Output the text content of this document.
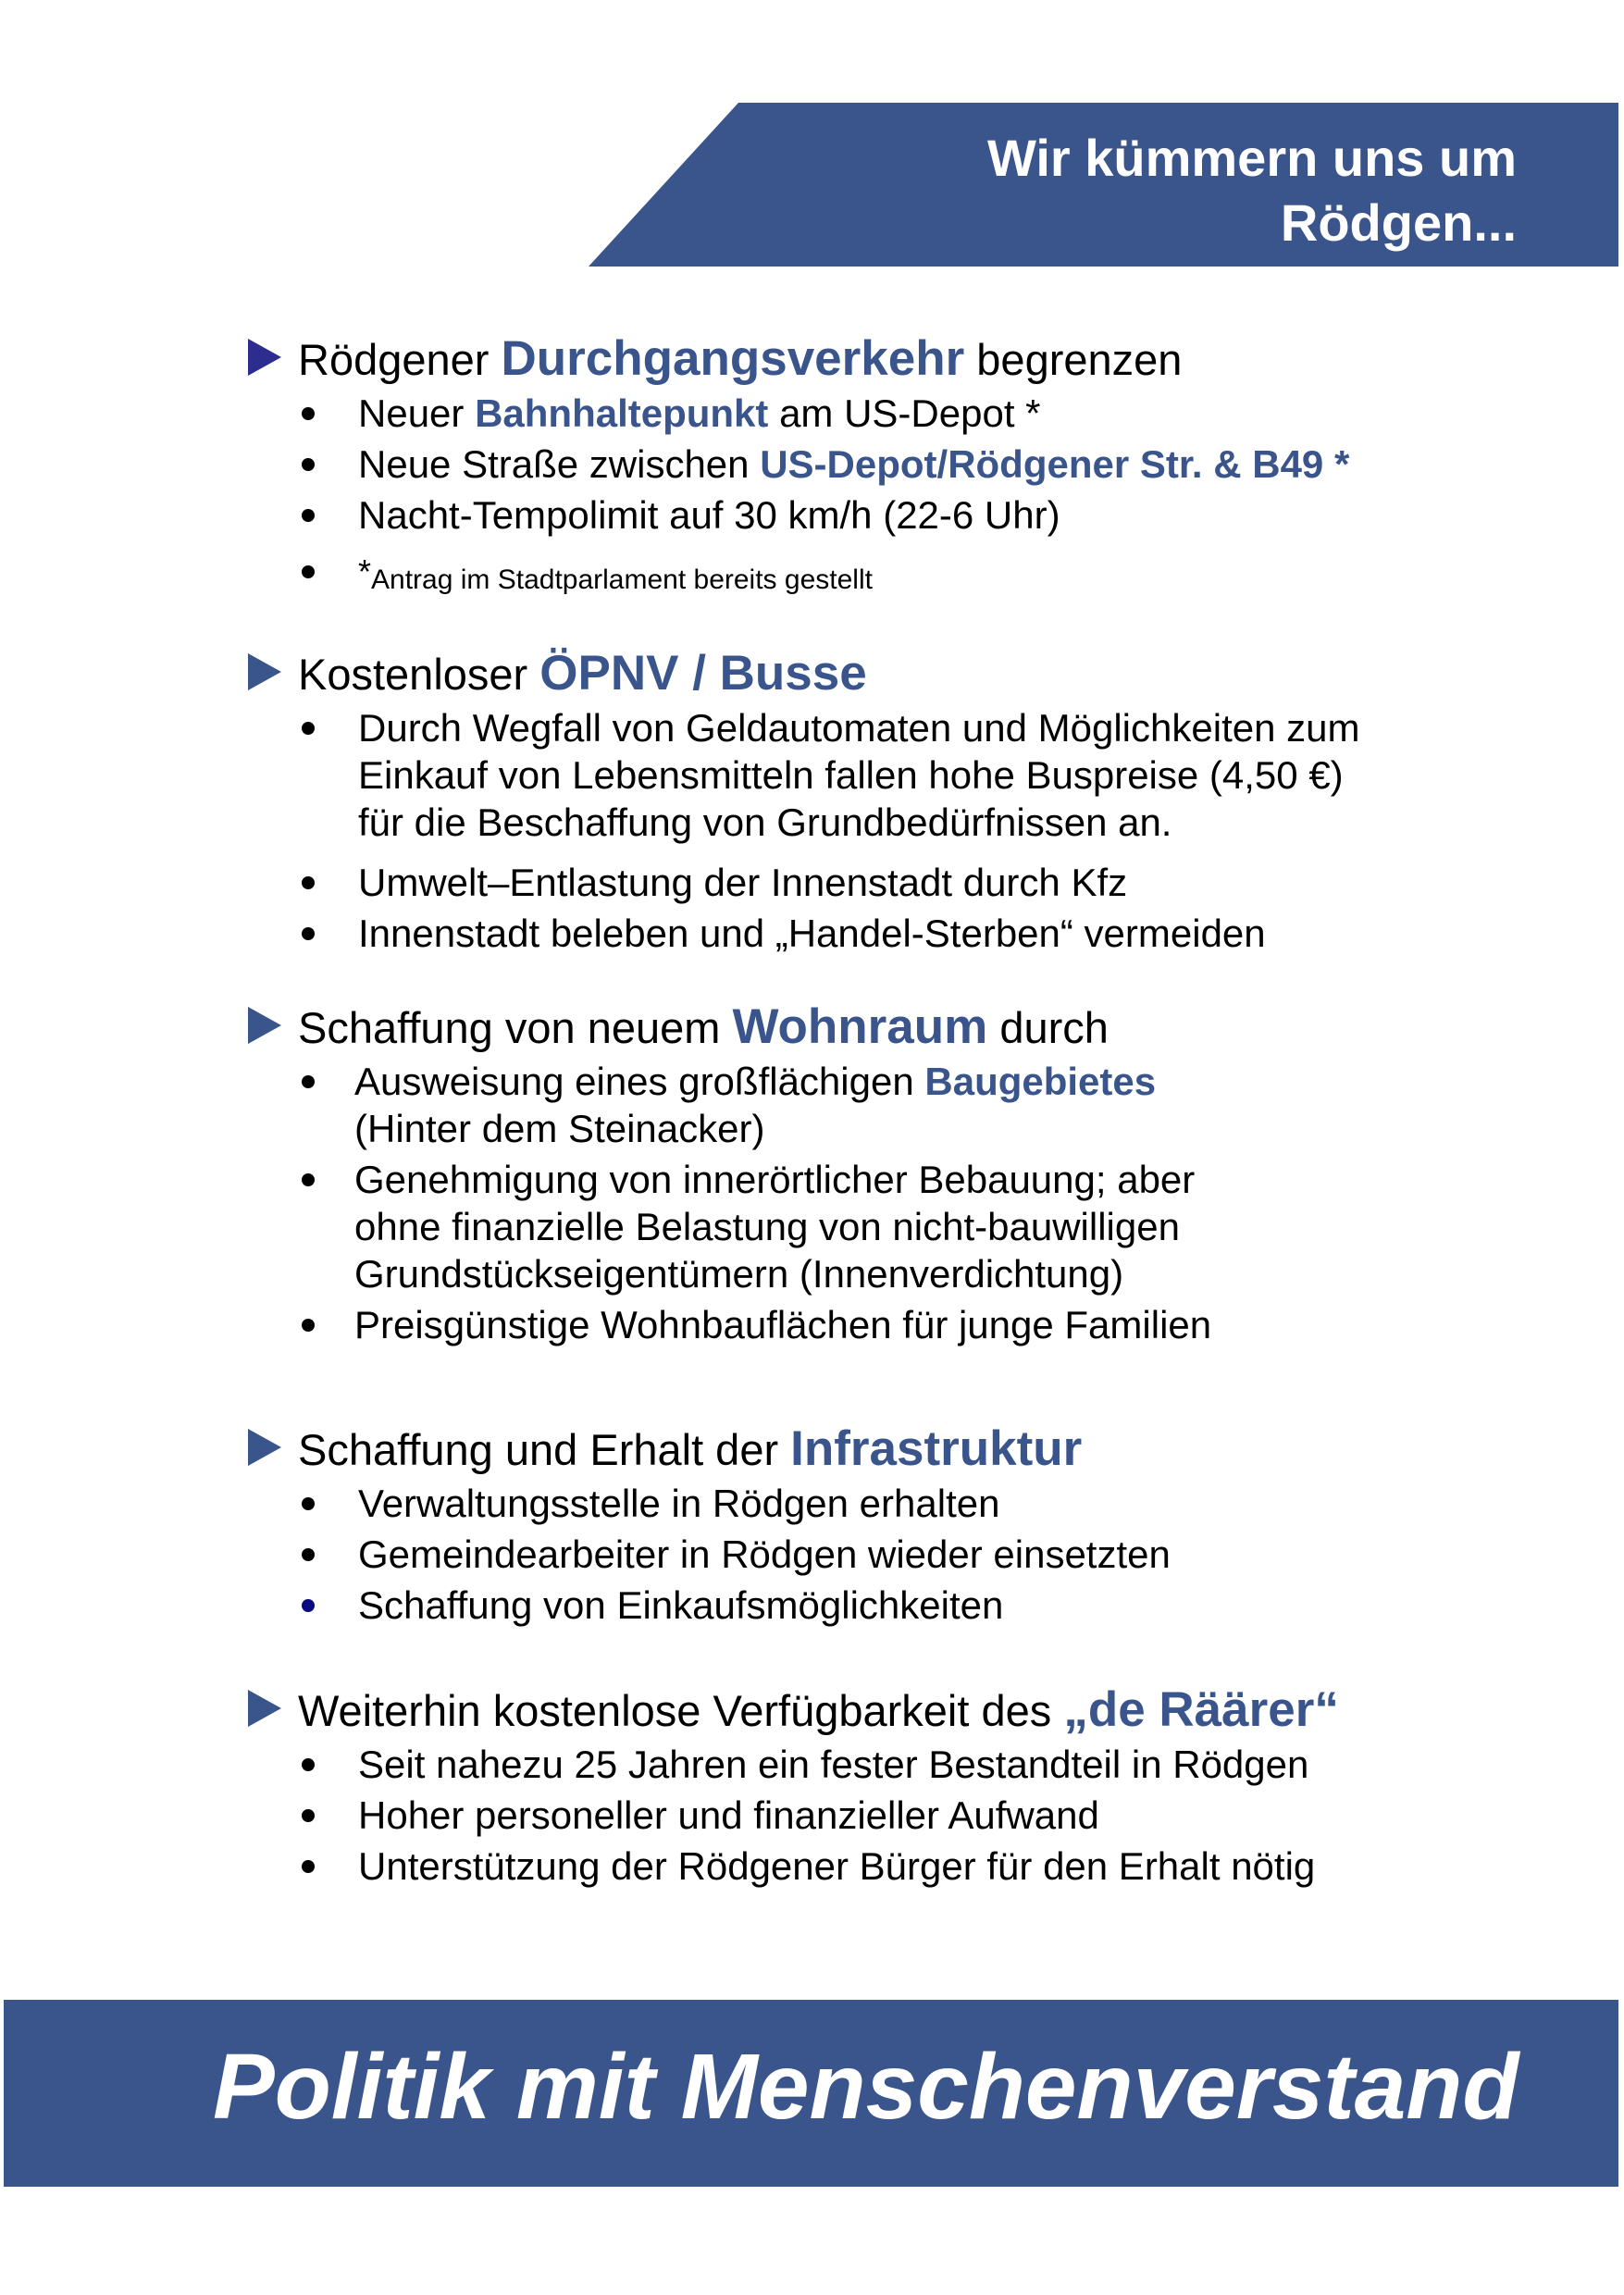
Wir kümmern uns um
Rödgen...
Rödgener Durchgangsverkehr begrenzen
Neuer Bahnhaltepunkt am US-Depot *
Neue Straße zwischen US-Depot/Rödgener Str. & B49 *
Nacht-Tempolimit auf 30 km/h (22-6 Uhr)
*Antrag im Stadtparlament bereits gestellt
Kostenloser ÖPNV / Busse
Durch Wegfall von Geldautomaten und Möglichkeiten zum
Einkauf von Lebensmitteln fallen hohe Buspreise (4,50 €)
für die Beschaffung von Grundbedürfnissen an.
Umwelt–Entlastung der Innenstadt durch Kfz
Innenstadt beleben und „Handel-Sterben“ vermeiden
Schaffung von neuem Wohnraum durch
Ausweisung eines großflächigen Baugebietes
(Hinter dem Steinacker)
Genehmigung von innerörtlicher Bebauung; aber
ohne finanzielle Belastung von nicht-bauwilligen
Grundstückseigentümern (Innenverdichtung)
Preisgünstige Wohnbauflächen für junge Familien
Schaffung und Erhalt der Infrastruktur
Verwaltungsstelle in Rödgen erhalten
Gemeindearbeiter in Rödgen wieder einsetzten
Schaffung von Einkaufsmöglichkeiten
Weiterhin kostenlose Verfügbarkeit des „de Räärer“
Seit nahezu 25 Jahren ein fester Bestandteil in Rödgen
Hoher personeller und finanzieller Aufwand
Unterstützung der Rödgener Bürger für den Erhalt nötig
Politik mit Menschenverstand
